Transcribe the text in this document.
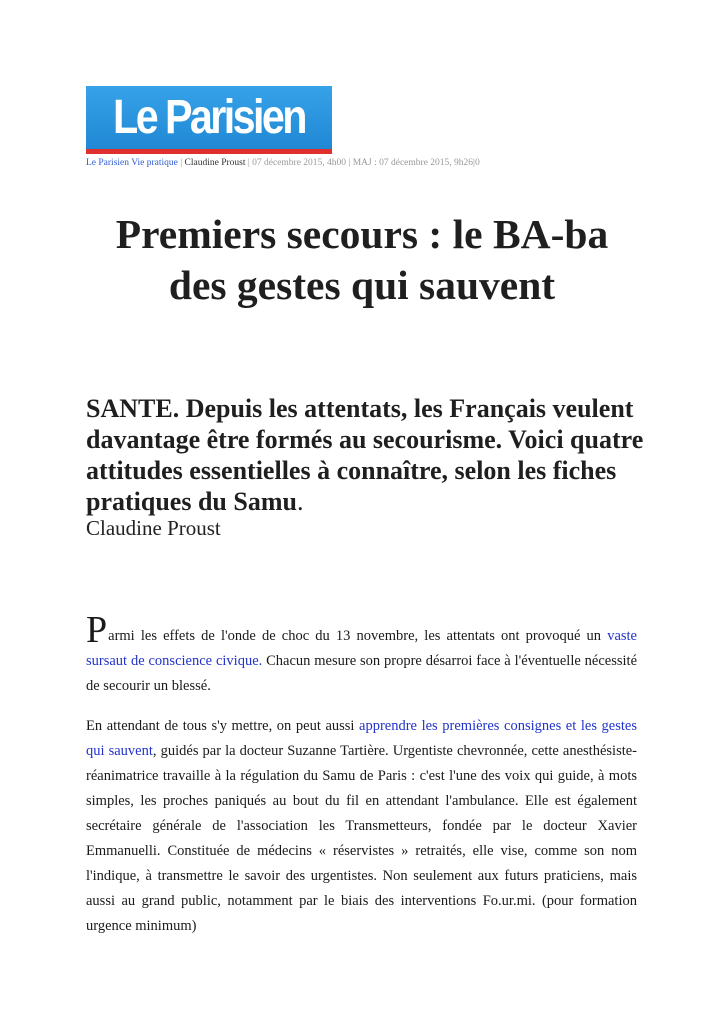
Le Parisien
Le Parisien Vie pratique | Claudine Proust | 07 décembre 2015, 4h00 | MAJ : 07 décembre 2015, 9h26|0
Premiers secours : le BA-ba
des gestes qui sauvent

SANTE. Depuis les attentats, les Français veulent davantage être formés au secourisme. Voici quatre attitudes essentielles à connaître, selon les fiches pratiques du Samu.

Claudine Proust

Parmi les effets de l'onde de choc du 13 novembre, les attentats ont provoqué un vaste sursaut de conscience civique. Chacun mesure son propre désarroi face à l'éventuelle nécessité de secourir un blessé.

En attendant de tous s'y mettre, on peut aussi apprendre les premières consignes et les gestes qui sauvent, guidés par la docteur Suzanne Tartière. Urgentiste chevronnée, cette anesthésiste-réanimatrice travaille à la régulation du Samu de Paris : c'est l'une des voix qui guide, à mots simples, les proches paniqués au bout du fil en attendant l'ambulance. Elle est également secrétaire générale de l'association les Transmetteurs, fondée par le docteur Xavier Emmanuelli. Constituée de médecins « réservistes » retraités, elle vise, comme son nom l'indique, à transmettre le savoir des urgentistes. Non seulement aux futurs praticiens, mais aussi au grand public, notamment par le biais des interventions Fo.ur.mi. (pour formation urgence minimum)
